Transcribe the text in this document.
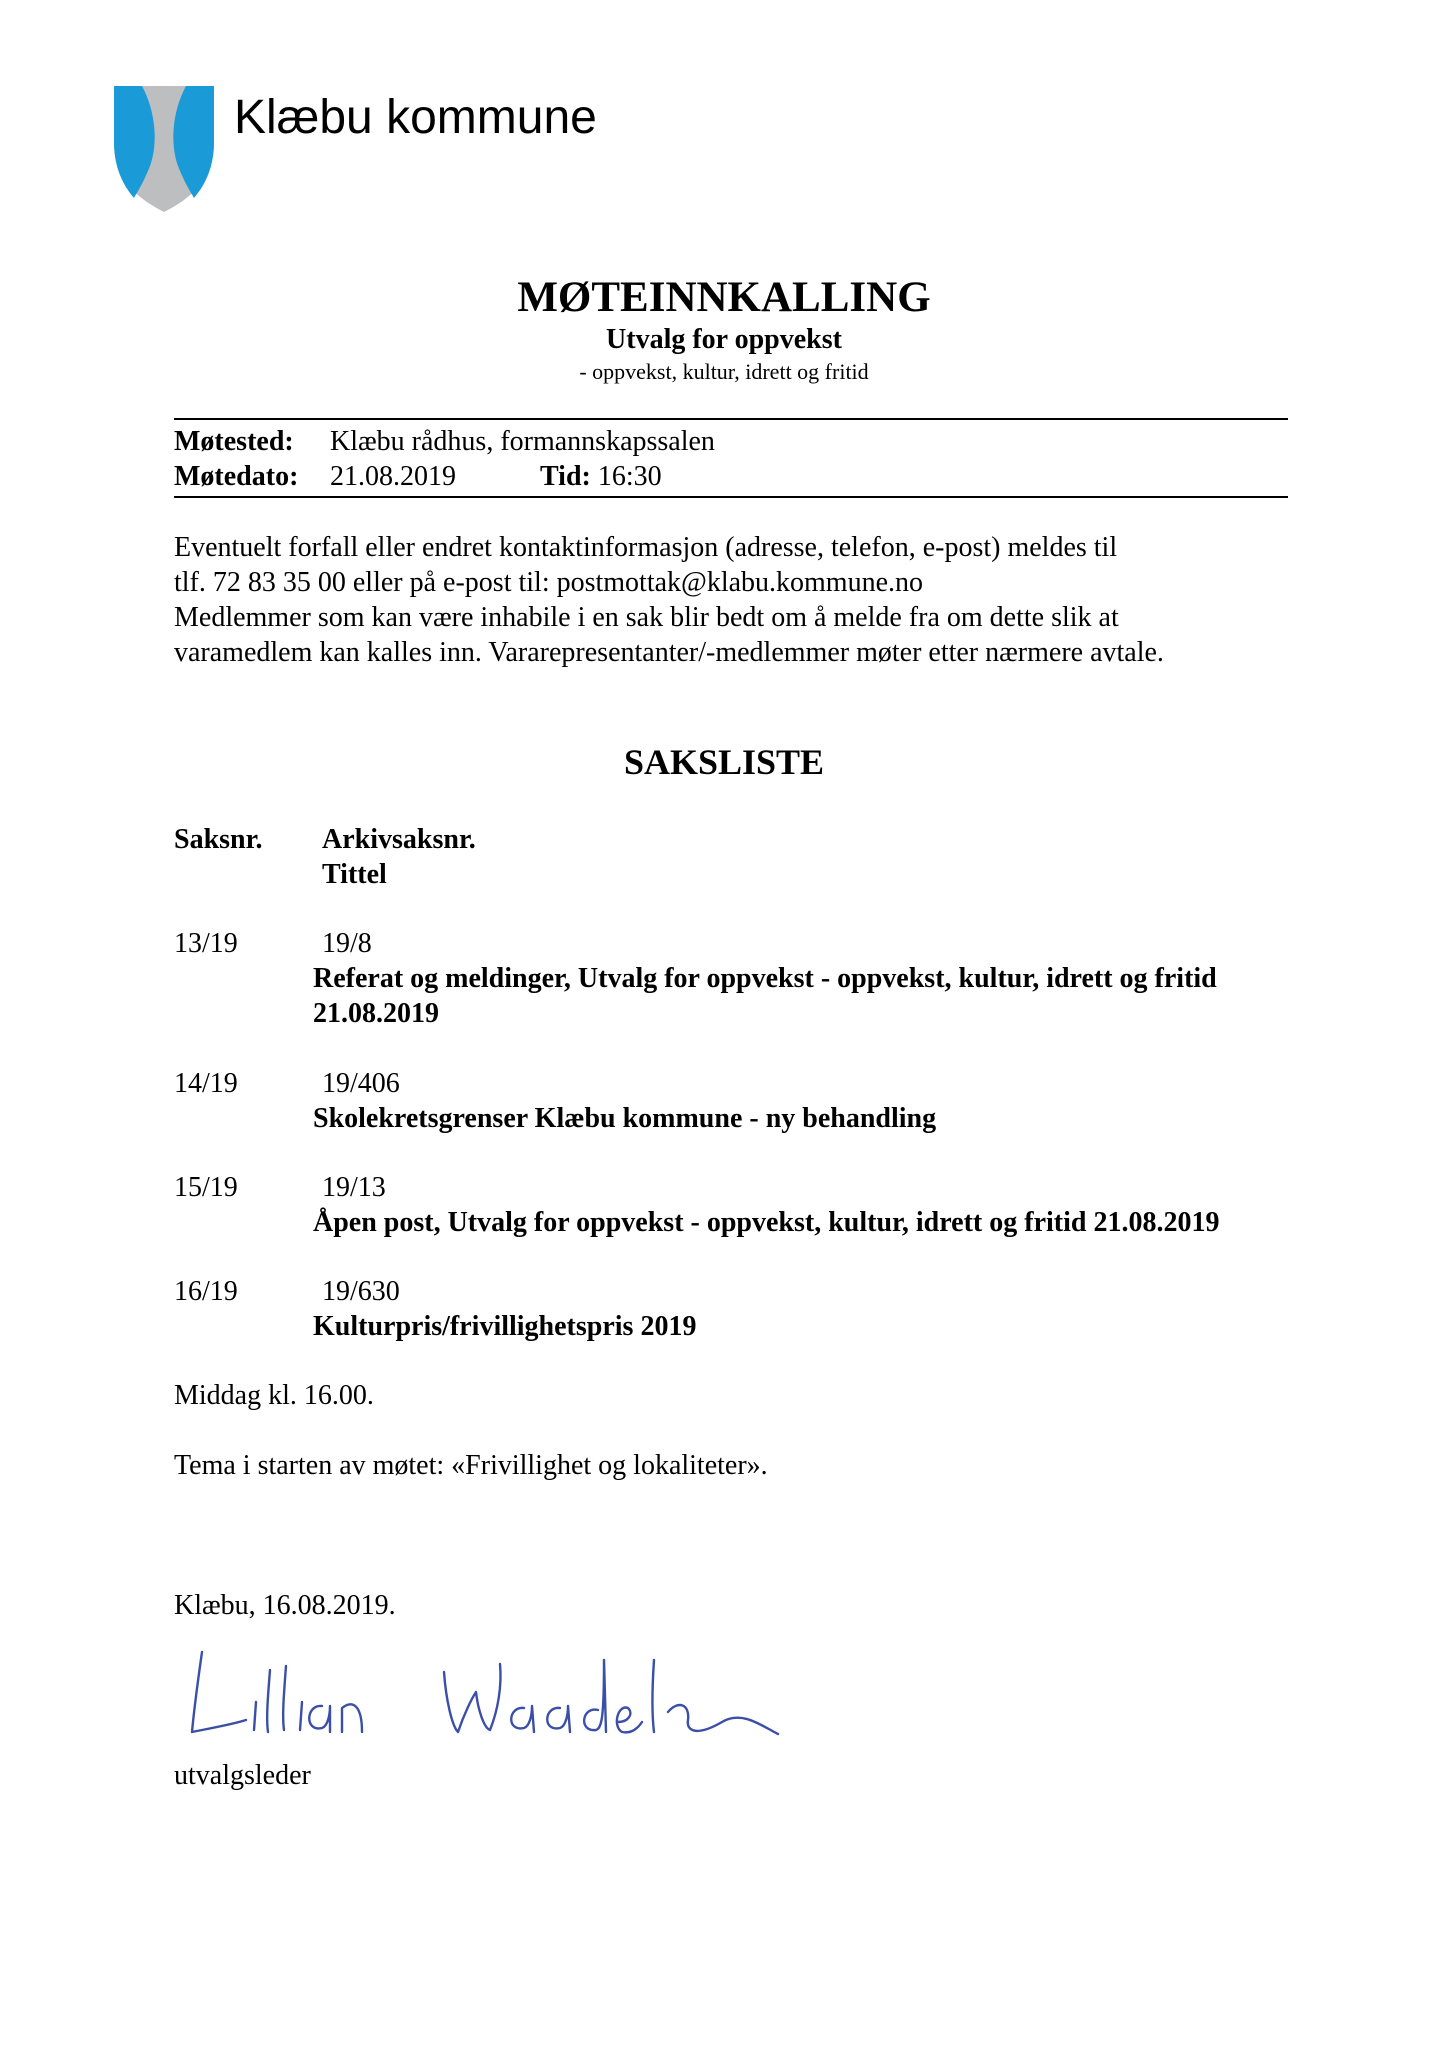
Klæbu kommune
MØTEINNKALLING
Utvalg for oppvekst
- oppvekst, kultur, idrett og fritid
Møtested: Klæbu rådhus, formannskapssalen
Møtedato: 21.08.2019	Tid: 16:30
Eventuelt forfall eller endret kontaktinformasjon (adresse, telefon, e-post) meldes til
tlf. 72 83 35 00 eller på e-post til: postmottak@klabu.kommune.no
Medlemmer som kan være inhabile i en sak blir bedt om å melde fra om dette slik at
varamedlem kan kalles inn. Vararepresentanter/-medlemmer møter etter nærmere avtale.
SAKSLISTE
Saksnr. Arkivsaksnr.
Tittel
13/19	19/8
Referat og meldinger, Utvalg for oppvekst - oppvekst, kultur, idrett og fritid 21.08.2019
14/19	19/406
Skolekretsgrenser Klæbu kommune - ny behandling
15/19	19/13
Åpen post, Utvalg for oppvekst - oppvekst, kultur, idrett og fritid 21.08.2019
16/19	19/630
Kulturpris/frivillighetspris 2019
Middag kl. 16.00.
Tema i starten av møtet: «Frivillighet og lokaliteter».
Klæbu, 16.08.2019.
utvalgsleder
